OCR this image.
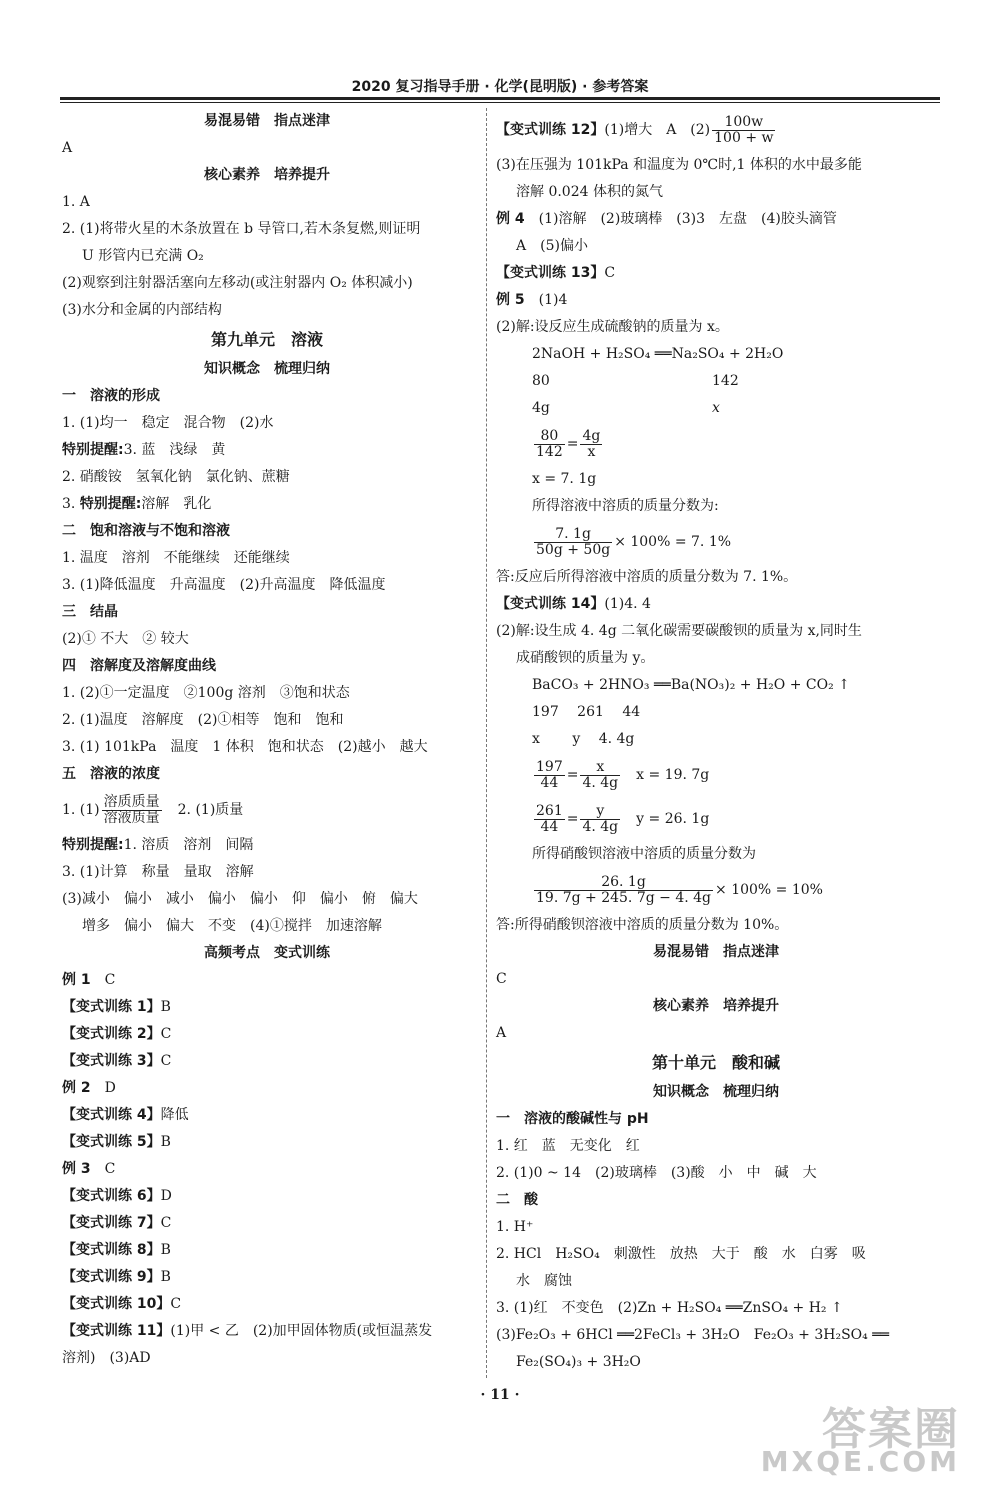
2020 复习指导手册 · 化学(昆明版) · 参考答案
易混易错　指点迷津
A
核心素养　培养提升
1. A
2. (1)将带火星的木条放置在 b 导管口,若木条复燃,则证明
U 形管内已充满 O₂
(2)观察到注射器活塞向左移动(或注射器内 O₂ 体积减小)
(3)水分和金属的内部结构
第九单元　溶液
知识概念　梳理归纳
一　溶液的形成
1. (1)均一　稳定　混合物　(2)水
特别提醒:3. 蓝　浅绿　黄
2. 硝酸铵　氢氧化钠　氯化钠、蔗糖
3. 特别提醒:溶解　乳化
二　饱和溶液与不饱和溶液
1. 温度　溶剂　不能继续　还能继续
3. (1)降低温度　升高温度　(2)升高温度　降低温度
三　结晶
(2)① 不大　② 较大
四　溶解度及溶解度曲线
1. (2)①一定温度　②100g 溶剂　③饱和状态
2. (1)温度　溶解度　(2)①相等　饱和　饱和
3. (1) 101kPa　温度　1 体积　饱和状态　(2)越小　越大
五　溶液的浓度
1. $(1) \frac{\text{溶质质量}}{\text{溶液质量}}$ 　2. (1)质量
特别提醒:1. 溶质　溶剂　间隔
3. (1)计算　称量　量取　溶解
(3)减小　偏小　减小　偏小　偏小　仰　偏小　俯　偏大
增多　偏小　偏大　不变　(4)①搅拌　加速溶解
高频考点　变式训练
例 1　C
【变式训练 1】B
【变式训练 2】C
【变式训练 3】C
例 2　D
【变式训练 4】降低
【变式训练 5】B
例 3　C
【变式训练 6】D
【变式训练 7】C
【变式训练 8】B
【变式训练 9】B
【变式训练 10】C
【变式训练 11】(1)甲 < 乙　(2)加甲固体物质(或恒温蒸发
溶剂)　(3)AD
【变式训练 12】(1)增大　A　$(2) \frac{100w}{100 + w}$
(3)在压强为 101kPa 和温度为 0℃时,1 体积的水中最多能
溶解 0.024 体积的氮气
例 4　(1)溶解　(2)玻璃棒　(3)3　左盘　(4)胶头滴管
A　(5)偏小
【变式训练 13】C
例 5　(1)4
(2)解:设反应生成硫酸钠的质量为 x。
2NaOH + H₂SO₄ ══Na₂SO₄ + 2H₂O
80	142
4g	x
$\frac{80}{142} = \frac{4g}{x}$
x = 7. 1g
所得溶液中溶质的质量分数为:
$\frac{7. 1g}{50g + 50g} \times 100\% = 7$. 1%
答:反应后所得溶液中溶质的质量分数为 7. 1%。
【变式训练 14】(1)4. 4
(2)解:设生成 4. 4g 二氧化碳需要碳酸钡的质量为 x,同时生
成硝酸钡的质量为 y。
BaCO₃ + 2HNO₃ ══Ba(NO₃)₂ + H₂O + CO₂ ↑
197　 261　 44
x　　 y　 4. 4g
$\frac{197}{44} = \frac{x}{4. 4g}$
　 x = 19. 7g
$\frac{261}{44} = \frac{y}{4. 4g}$
　 y = 26. 1g
所得硝酸钡溶液中溶质的质量分数为
$\frac{26. 1g}{19. 7g + 245. 7g - 4. 4g} \times 100\% = 10\%$
答:所得硝酸钡溶液中溶质的质量分数为 10%。
易混易错　指点迷津
C
核心素养　培养提升
A
第十单元　酸和碱
知识概念　梳理归纳
一　溶液的酸碱性与 pH
1. 红　蓝　无变化　红
2. (1)0 ~ 14　(2)玻璃棒　(3)酸　小　中　碱　大
二　酸
1. H⁺
2. HCl　H₂SO₄　刺激性　放热　大于　酸　水　白雾　吸
水　腐蚀
3. (1)红　不变色　(2)Zn + H₂SO₄ ══ZnSO₄ + H₂ ↑
(3)Fe₂O₃ + 6HCl ══2FeCl₃ + 3H₂O　Fe₂O₃ + 3H₂SO₄ ══
Fe₂(SO₄)₃ + 3H₂O
· 11 ·
答案圈
MXQE.COM
